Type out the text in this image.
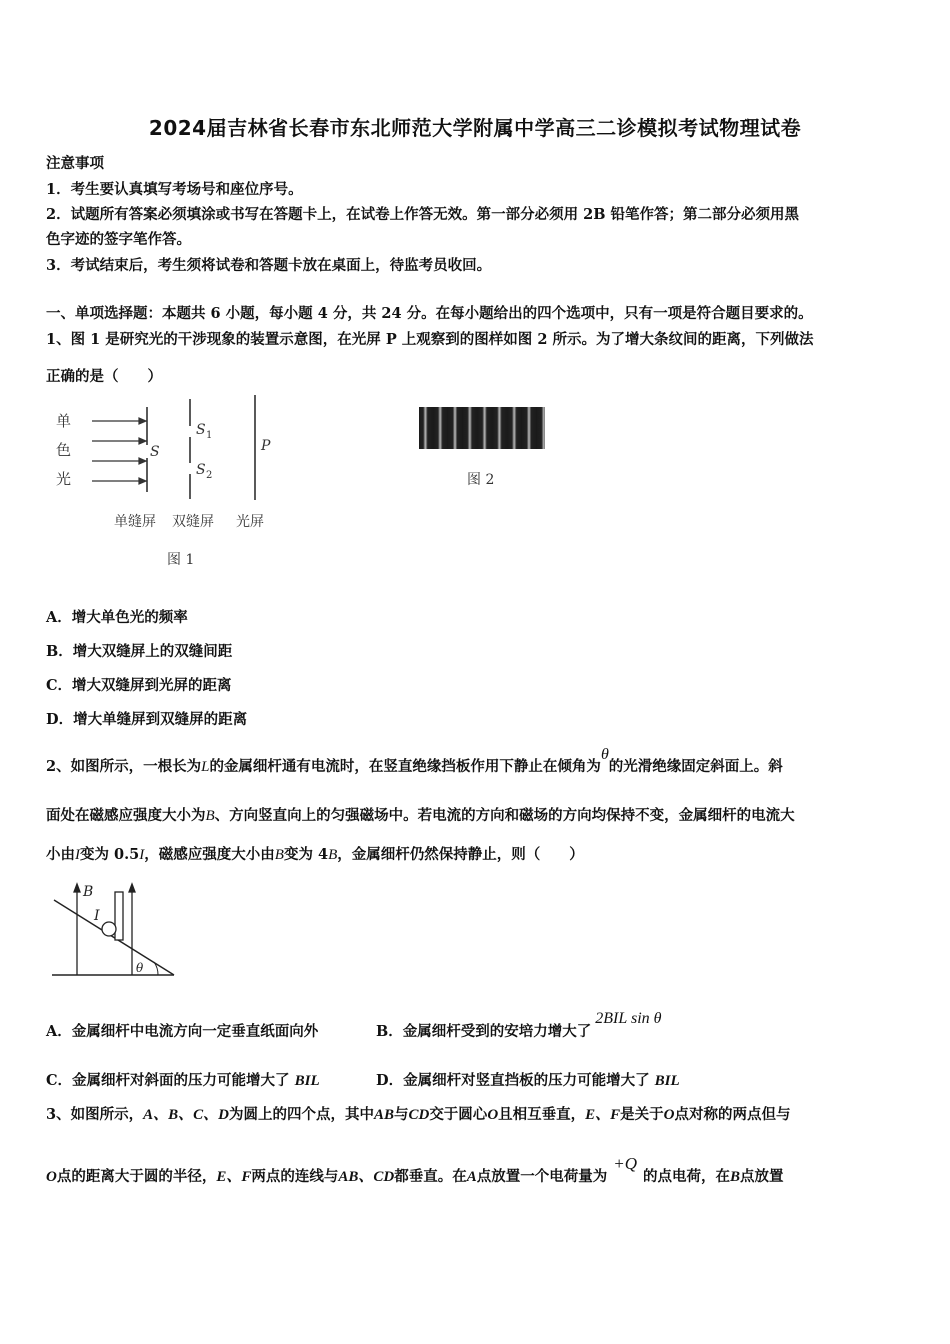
2024届吉林省长春市东北师范大学附属中学高三二诊模拟考试物理试卷
注意事项
1．考生要认真填写考场号和座位序号。
2．试题所有答案必须填涂或书写在答题卡上，在试卷上作答无效。第一部分必须用 2B 铅笔作答；第二部分必须用黑
色字迹的签字笔作答。
3．考试结束后，考生须将试卷和答题卡放在桌面上，待监考员收回。
一、单项选择题：本题共 6 小题，每小题 4 分，共 24 分。在每小题给出的四个选项中，只有一项是符合题目要求的。
1、图 1 是研究光的干涉现象的装置示意图，在光屏 P 上观察到的图样如图 2 所示。为了增大条纹间的距离，下列做法
正确的是（　　）
单
色
光
S
S 1
S 2
P
单缝屏 双缝屏 光屏
图 1
图 2
A．增大单色光的频率
B．增大双缝屏上的双缝间距
C．增大双缝屏到光屏的距离
D．增大单缝屏到双缝屏的距离
2、如图所示，一根长为L的金属细杆通有电流时，在竖直绝缘挡板作用下静止在倾角为θ的光滑绝缘固定斜面上。斜
面处在磁感应强度大小为B、方向竖直向上的匀强磁场中。若电流的方向和磁场的方向均保持不变，金属细杆的电流大
小由I变为 0.5I，磁感应强度大小由B变为 4B，金属细杆仍然保持静止，则（　　）
B
I
θ
A．金属细杆中电流方向一定垂直纸面向外	B．金属细杆受到的安培力增大了2BIL sin θ
C．金属细杆对斜面的压力可能增大了 BIL	D．金属细杆对竖直挡板的压力可能增大了 BIL
3、如图所示，A、B、C、D为圆上的四个点，其中AB与CD交于圆心O且相互垂直，E、F是关于O点对称的两点但与
O点的距离大于圆的半径，E、F两点的连线与AB、CD都垂直。在A点放置一个电荷量为+Q的点电荷，在B点放置
